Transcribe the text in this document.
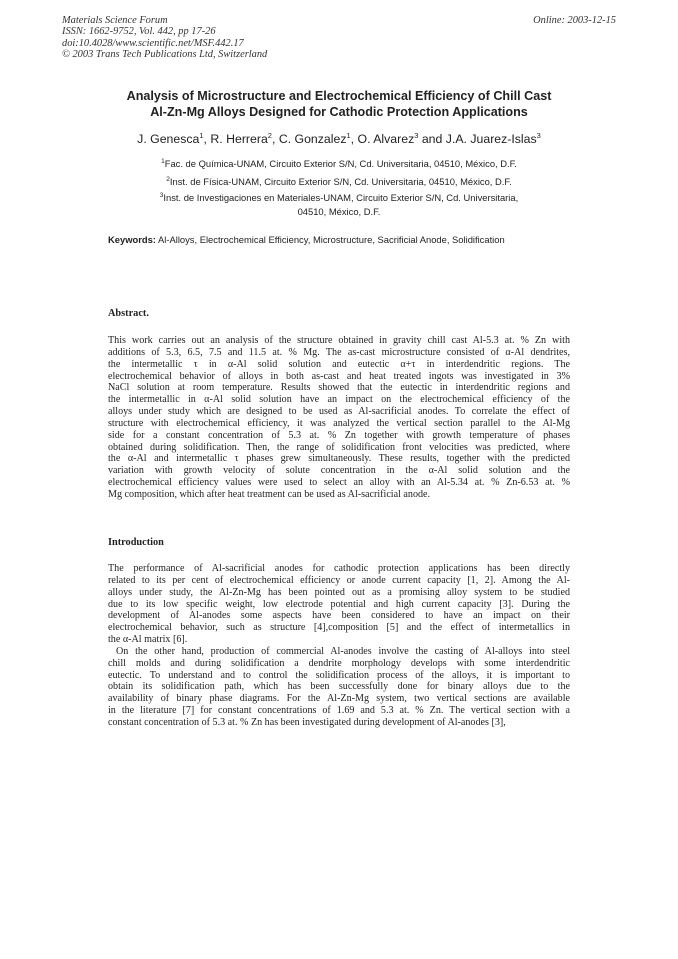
Materials Science Forum
ISSN: 1662-9752, Vol. 442, pp 17-26
doi:10.4028/www.scientific.net/MSF.442.17
© 2003 Trans Tech Publications Ltd, Switzerland
Online: 2003-12-15
Analysis of Microstructure and Electrochemical Efficiency of Chill Cast
Al-Zn-Mg Alloys Designed for Cathodic Protection Applications
J. Genesca$^1$, R. Herrera$^2$, C. Gonzalez$^1$, O. Alvarez$^3$ and J.A. Juarez-Islas$^3$
$^1$Fac. de Química-UNAM, Circuito Exterior S/N, Cd. Universitaria, 04510, México, D.F.
$^2$Inst. de Física-UNAM, Circuito Exterior S/N, Cd. Universitaria, 04510, México, D.F.
$^3$Inst. de Investigaciones en Materiales-UNAM, Circuito Exterior S/N, Cd. Universitaria,
04510, México, D.F.
Keywords: Al-Alloys, Electrochemical Efficiency, Microstructure, Sacrificial Anode, Solidification
Abstract.
This work carries out an analysis of the structure obtained in gravity chill cast Al-5.3 at. % Zn with
additions of 5.3, 6.5, 7.5 and 11.5 at. % Mg. The as-cast microstructure consisted of α-Al dendrites,
the intermetallic τ in α-Al solid solution and eutectic α+τ in interdendritic regions. The
electrochemical behavior of alloys in both as-cast and heat treated ingots was investigated in 3%
NaCl solution at room temperature. Results showed that the eutectic in interdendritic regions and
the intermetallic in α-Al solid solution have an impact on the electrochemical efficiency of the
alloys under study which are designed to be used as Al-sacrificial anodes. To correlate the effect of
structure with electrochemical efficiency, it was analyzed the vertical section parallel to the Al-Mg
side for a constant concentration of 5.3 at. % Zn together with growth temperature of phases
obtained during solidification. Then, the range of solidification front velocities was predicted, where
the α-Al and intermetallic τ phases grew simultaneously. These results, together with the predicted
variation with growth velocity of solute concentration in the α-Al solid solution and the
electrochemical efficiency values were used to select an alloy with an Al-5.34 at. % Zn-6.53 at. %
Mg composition, which after heat treatment can be used as Al-sacrificial anode.
Introduction
The performance of Al-sacrificial anodes for cathodic protection applications has been directly
related to its per cent of electrochemical efficiency or anode current capacity [1, 2]. Among the Al-
alloys under study, the Al-Zn-Mg has been pointed out as a promising alloy system to be studied
due to its low specific weight, low electrode potential and high current capacity [3]. During the
development of Al-anodes some aspects have been considered to have an impact on their
electrochemical behavior, such as structure [4],composition [5] and the effect of intermetallics in
the α-Al matrix [6].
On the other hand, production of commercial Al-anodes involve the casting of Al-alloys into steel
chill molds and during solidification a dendrite morphology develops with some interdendritic
eutectic. To understand and to control the solidification process of the alloys, it is important to
obtain its solidification path, which has been successfully done for binary alloys due to the
availability of binary phase diagrams. For the Al-Zn-Mg system, two vertical sections are available
in the literature [7] for constant concentrations of 1.69 and 5.3 at. % Zn. The vertical section with a
constant concentration of 5.3 at. % Zn has been investigated during development of Al-anodes [3],
